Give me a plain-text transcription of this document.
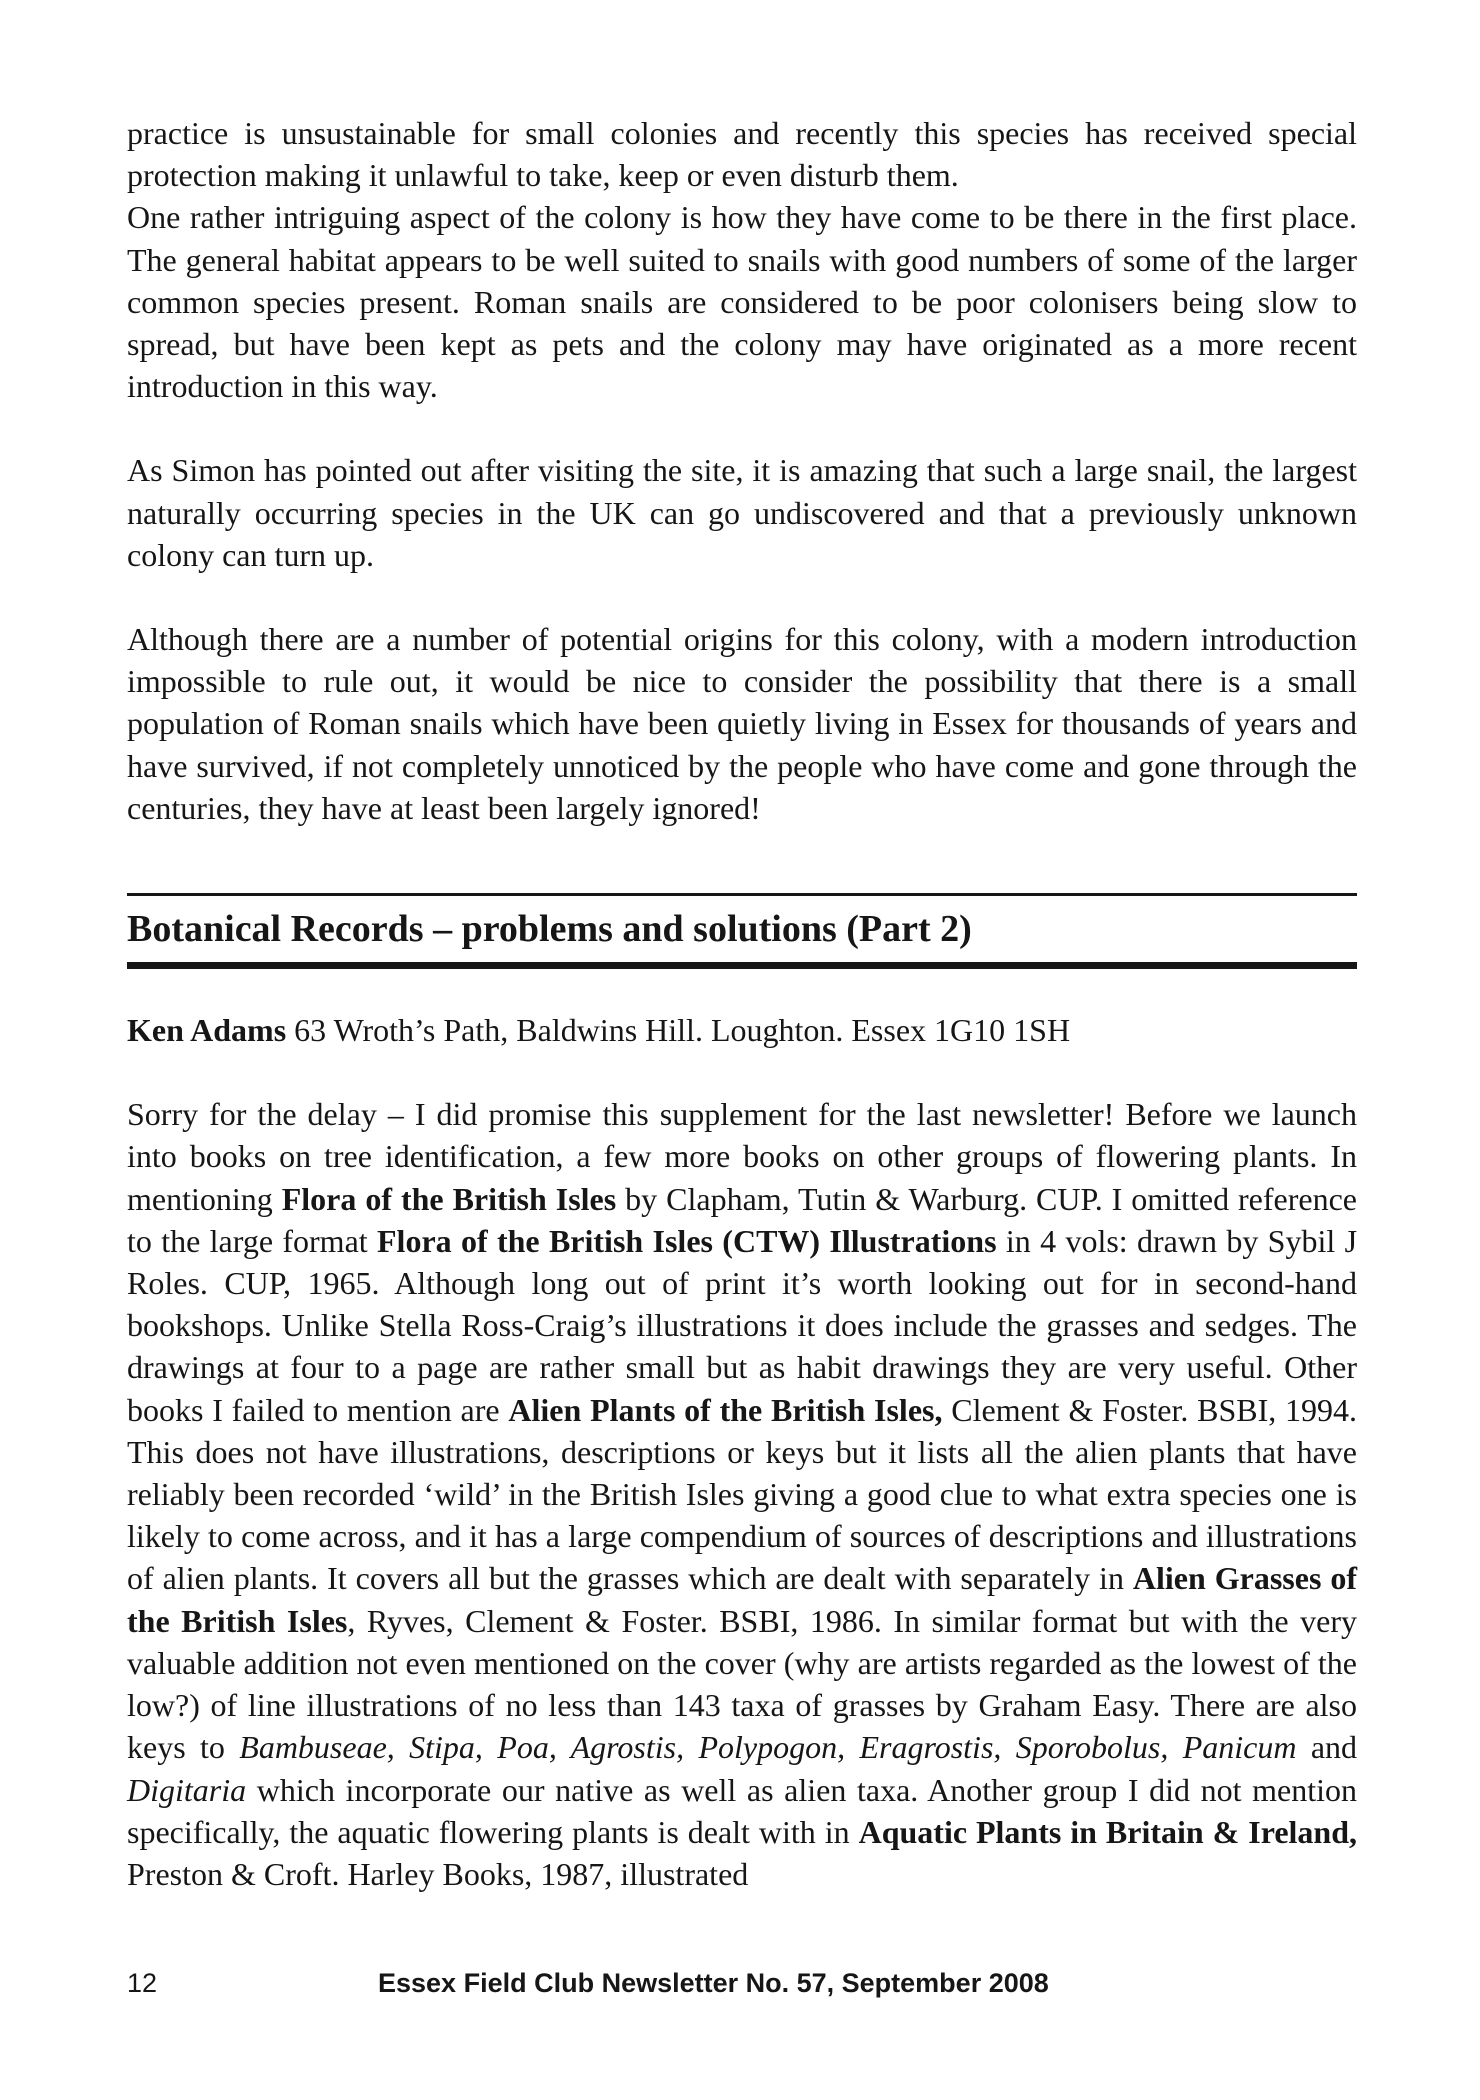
practice is unsustainable for small colonies and recently this species has received special protection making it unlawful to take, keep or even disturb them.

One rather intriguing aspect of the colony is how they have come to be there in the first place. The general habitat appears to be well suited to snails with good numbers of some of the larger common species present. Roman snails are considered to be poor colonisers being slow to spread, but have been kept as pets and the colony may have originated as a more recent introduction in this way.

As Simon has pointed out after visiting the site, it is amazing that such a large snail, the largest naturally occurring species in the UK can go undiscovered and that a previously unknown colony can turn up.

Although there are a number of potential origins for this colony, with a modern introduction impossible to rule out, it would be nice to consider the possibility that there is a small population of Roman snails which have been quietly living in Essex for thousands of years and have survived, if not completely unnoticed by the people who have come and gone through the centuries, they have at least been largely ignored!

Botanical Records – problems and solutions (Part 2)

Ken Adams 63 Wroth’s Path, Baldwins Hill. Loughton. Essex 1G10 1SH

Sorry for the delay – I did promise this supplement for the last newsletter! Before we launch into books on tree identification, a few more books on other groups of flowering plants. In mentioning Flora of the British Isles by Clapham, Tutin & Warburg. CUP. I omitted reference to the large format Flora of the British Isles (CTW) Illustrations in 4 vols: drawn by Sybil J Roles. CUP, 1965. Although long out of print it’s worth looking out for in second-hand bookshops. Unlike Stella Ross-Craig’s illustrations it does include the grasses and sedges. The drawings at four to a page are rather small but as habit drawings they are very useful. Other books I failed to mention are Alien Plants of the British Isles, Clement & Foster. BSBI, 1994. This does not have illustrations, descriptions or keys but it lists all the alien plants that have reliably been recorded ‘wild’ in the British Isles giving a good clue to what extra species one is likely to come across, and it has a large compendium of sources of descriptions and illustrations of alien plants. It covers all but the grasses which are dealt with separately in Alien Grasses of the British Isles, Ryves, Clement & Foster. BSBI, 1986. In similar format but with the very valuable addition not even mentioned on the cover (why are artists regarded as the lowest of the low?) of line illustrations of no less than 143 taxa of grasses by Graham Easy. There are also keys to Bambuseae, Stipa, Poa, Agrostis, Polypogon, Eragrostis, Sporobolus, Panicum and Digitaria which incorporate our native as well as alien taxa. Another group I did not mention specifically, the aquatic flowering plants is dealt with in Aquatic Plants in Britain & Ireland, Preston & Croft. Harley Books, 1987, illustrated

12	Essex Field Club Newsletter No. 57, September 2008
